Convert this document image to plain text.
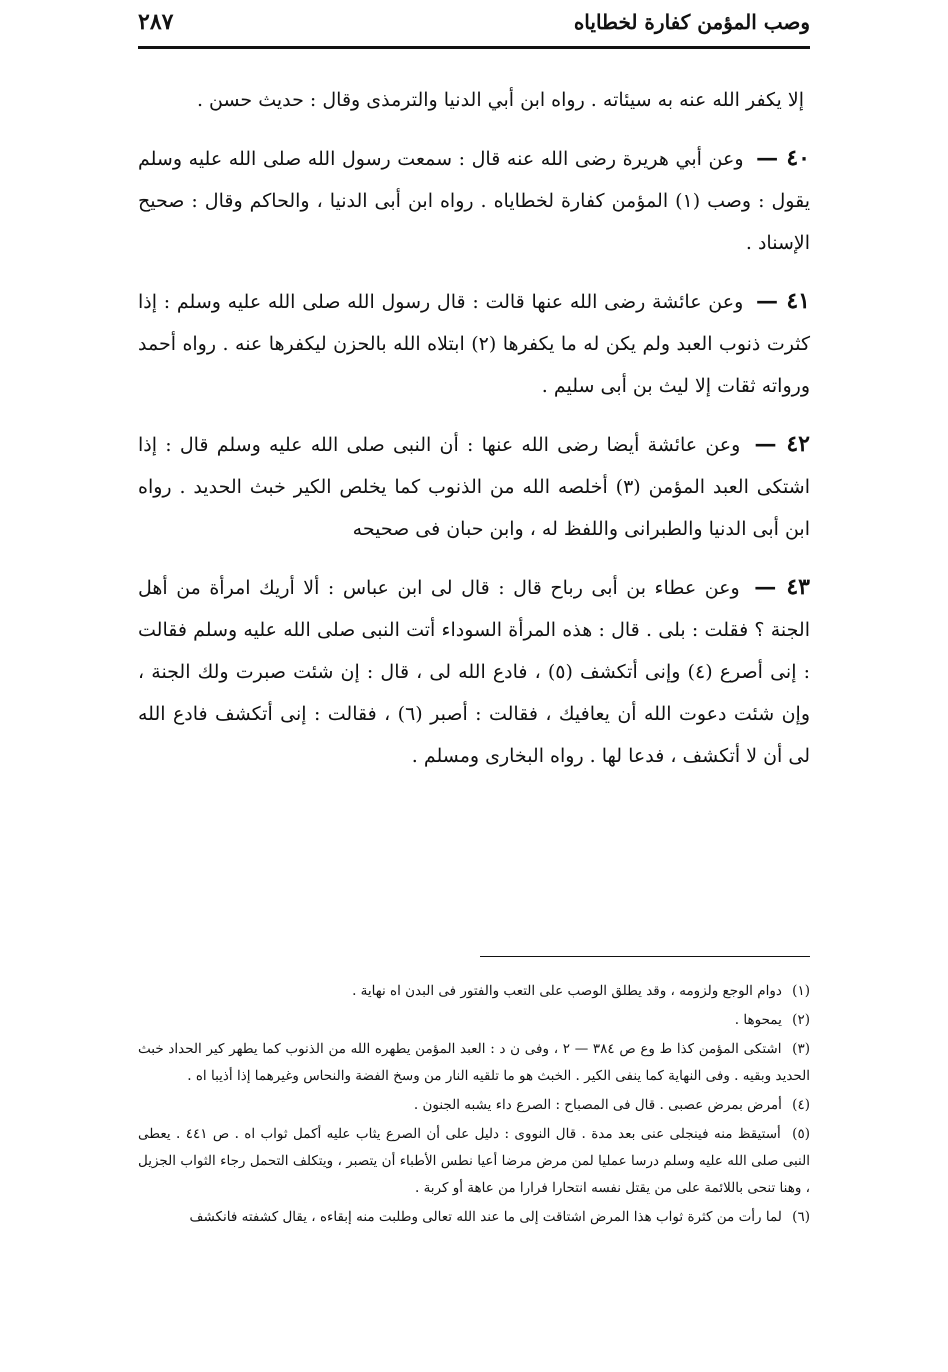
وصب المؤمن كفارة لخطاياه
٢٨٧

إلا يكفر الله عنه به سيئاته . رواه ابن أبي الدنيا والترمذى وقال : حديث حسن .

٤٠ — وعن أبي هريرة رضى الله عنه قال : سمعت رسول الله صلى الله عليه وسلم يقول : وصب (١) المؤمن كفارة لخطاياه . رواه ابن أبى الدنيا ، والحاكم وقال : صحيح الإسناد .

٤١ — وعن عائشة رضى الله عنها قالت : قال رسول الله صلى الله عليه وسلم : إذا كثرت ذنوب العبد ولم يكن له ما يكفرها (٢) ابتلاه الله بالحزن ليكفرها عنه . رواه أحمد ورواته ثقات إلا ليث بن أبى سليم .

٤٢ — وعن عائشة أيضا رضى الله عنها : أن النبى صلى الله عليه وسلم قال : إذا اشتكى العبد المؤمن (٣) أخلصه الله من الذنوب كما يخلص الكير خبث الحديد . رواه ابن أبى الدنيا والطبرانى واللفظ له ، وابن حبان فى صحيحه

٤٣ — وعن عطاء بن أبى رباح قال : قال لى ابن عباس : ألا أريك امرأة من أهل الجنة ؟ فقلت : بلى . قال : هذه المرأة السوداء أتت النبى صلى الله عليه وسلم فقالت : إنى أصرع (٤) وإنى أتكشف (٥) ، فادع الله لى ، قال : إن شئت صبرت ولك الجنة ، وإن شئت دعوت الله أن يعافيك ، فقالت : أصبر (٦) ، فقالت : إنى أتكشف فادع الله لى أن لا أتكشف ، فدعا لها . رواه البخارى ومسلم .

(١) دوام الوجع ولزومه ، وقد يطلق الوصب على التعب والفتور فى البدن اه نهاية .

(٢) يمحوها .

(٣) اشتكى المؤمن كذا ط وع ص ٣٨٤ — ٢ ، وفى ن د : العبد المؤمن يطهره الله من الذنوب كما يطهر كير الحداد خبث الحديد وبقيه . وفى النهاية كما ينفى الكير . الخبث هو ما تلقيه النار من وسخ الفضة والنحاس وغيرهما إذا أذيبا اه .

(٤) أمرض بمرض عصبى . قال فى المصباح : الصرع داء يشبه الجنون .

(٥) أستيقظ منه فينجلى عنى بعد مدة . قال النووى : دليل على أن الصرع يثاب عليه أكمل ثواب اه . ص ٤٤١ . يعطى النبى صلى الله عليه وسلم درسا عمليا لمن مرض مرضا أعيا نطس الأطباء أن يتصبر ، ويتكلف التحمل رجاء الثواب الجزيل ، وهنا تنحى باللائمة على من يقتل نفسه انتحارا فرارا من عاهة أو كربة .

(٦) لما رأت من كثرة ثواب هذا المرض اشتاقت إلى ما عند الله تعالى وطلبت منه إبقاءه ، يقال كشفته فانكشف
